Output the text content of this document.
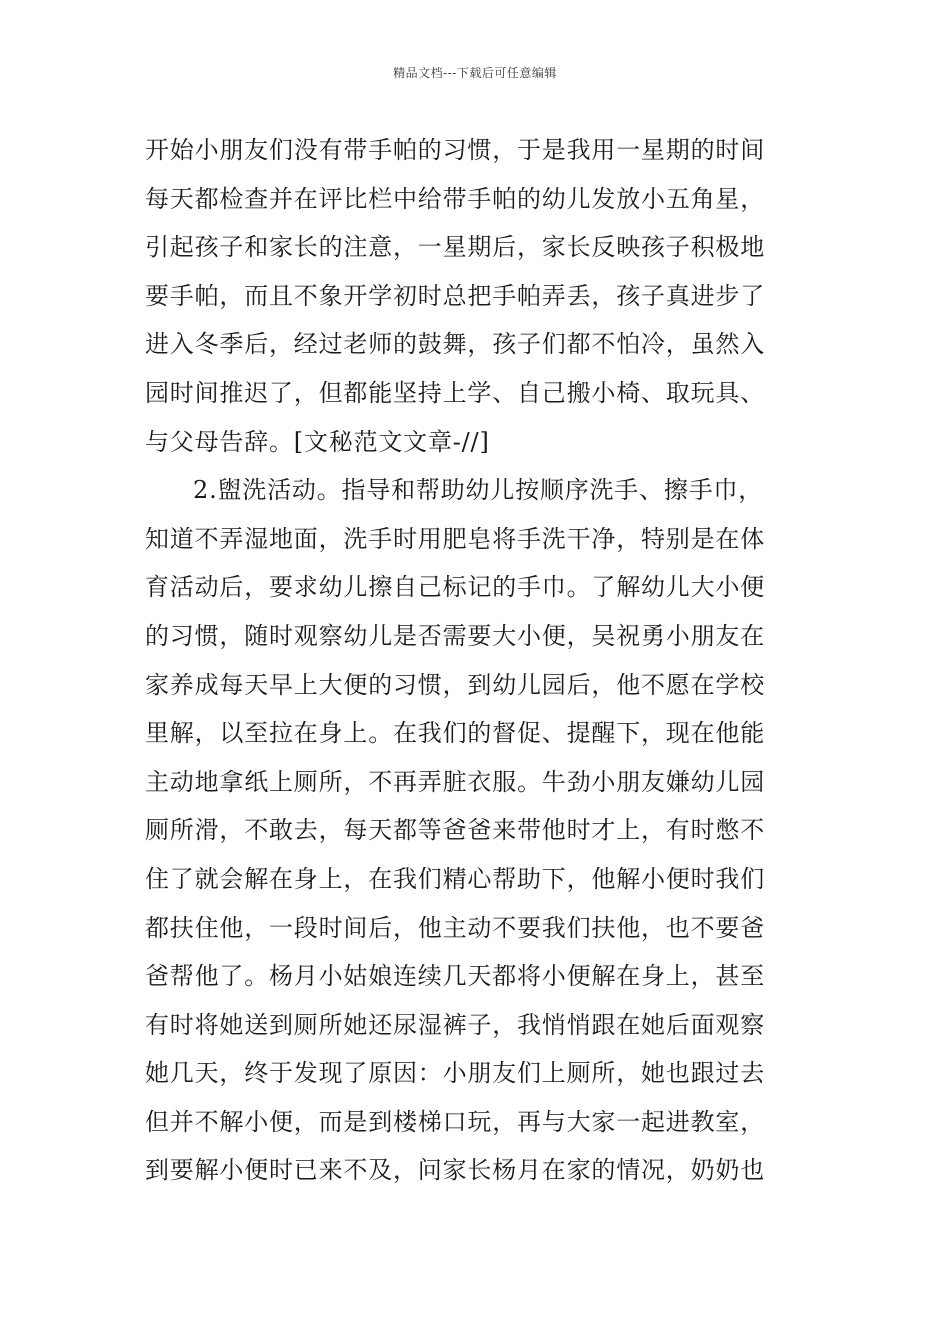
精品文档---下载后可任意编辑
开始小朋友们没有带手帕的习惯，于是我用一星期的时间
每天都检查并在评比栏中给带手帕的幼儿发放小五角星，
引起孩子和家长的注意，一星期后，家长反映孩子积极地
要手帕，而且不象开学初时总把手帕弄丢，孩子真进步了
进入冬季后，经过老师的鼓舞，孩子们都不怕冷，虽然入
园时间推迟了，但都能坚持上学、自己搬小椅、取玩具、
与父母告辞。[文秘范文文章-//]
2.盥洗活动。指导和帮助幼儿按顺序洗手、擦手巾，
知道不弄湿地面，洗手时用肥皂将手洗干净，特别是在体
育活动后，要求幼儿擦自己标记的手巾。了解幼儿大小便
的习惯，随时观察幼儿是否需要大小便，吴祝勇小朋友在
家养成每天早上大便的习惯，到幼儿园后，他不愿在学校
里解，以至拉在身上。在我们的督促、提醒下，现在他能
主动地拿纸上厕所，不再弄脏衣服。牛劲小朋友嫌幼儿园
厕所滑，不敢去，每天都等爸爸来带他时才上，有时憋不
住了就会解在身上，在我们精心帮助下，他解小便时我们
都扶住他，一段时间后，他主动不要我们扶他，也不要爸
爸帮他了。杨月小姑娘连续几天都将小便解在身上，甚至
有时将她送到厕所她还尿湿裤子，我悄悄跟在她后面观察
她几天，终于发现了原因：小朋友们上厕所，她也跟过去
但并不解小便，而是到楼梯口玩，再与大家一起进教室，
到要解小便时已来不及，问家长杨月在家的情况，奶奶也
